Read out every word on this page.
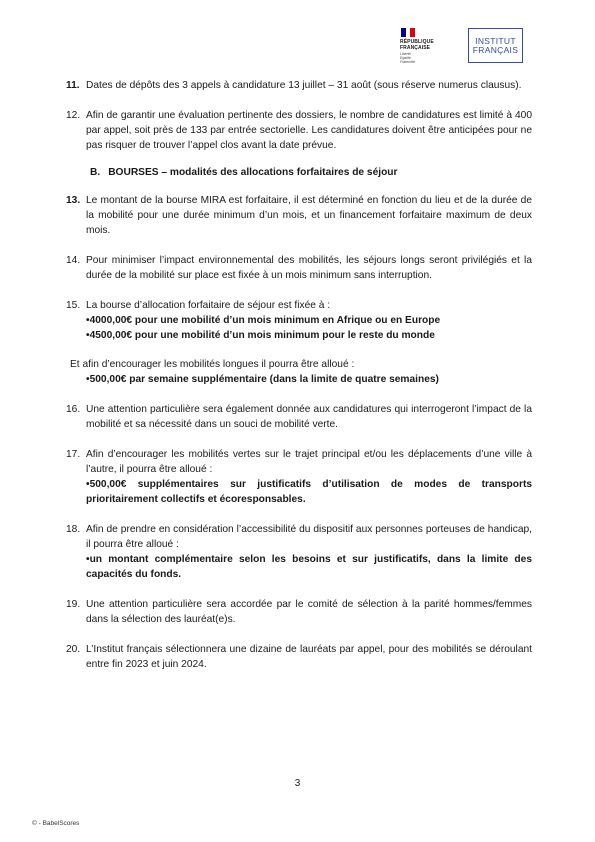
RÉPUBLIQUE
FRANÇAISE
Liberté
Égalité
Fraternité
INSTITUT
FRANÇAIS
11. Dates de dépôts des 3 appels à candidature 13 juillet – 31 août (sous réserve numerus clausus).
12. Afin de garantir une évaluation pertinente des dossiers, le nombre de candidatures est limité à 400 par appel, soit près de 133 par entrée sectorielle. Les candidatures doivent être anticipées pour ne pas risquer de trouver l’appel clos avant la date prévue.
B. BOURSES – modalités des allocations forfaitaires de séjour
13. Le montant de la bourse MIRA est forfaitaire, il est déterminé en fonction du lieu et de la durée de la mobilité pour une durée minimum d’un mois, et un financement forfaitaire maximum de deux mois.
14. Pour minimiser l’impact environnemental des mobilités, les séjours longs seront privilégiés et la durée de la mobilité sur place est fixée à un mois minimum sans interruption.
15. La bourse d’allocation forfaitaire de séjour est fixée à :
• 4000,00€ pour une mobilité d’un mois minimum en Afrique ou en Europe
• 4500,00€ pour une mobilité d’un mois minimum pour le reste du monde
Et afin d’encourager les mobilités longues il pourra être alloué :
• 500,00€ par semaine supplémentaire (dans la limite de quatre semaines)
16. Une attention particulière sera également donnée aux candidatures qui interrogeront l’impact de la mobilité et sa nécessité dans un souci de mobilité verte.
17. Afin d’encourager les mobilités vertes sur le trajet principal et/ou les déplacements d’une ville à l’autre, il pourra être alloué :
• 500,00€ supplémentaires sur justificatifs d’utilisation de modes de transports prioritairement collectifs et écoresponsables.
18. Afin de prendre en considération l’accessibilité du dispositif aux personnes porteuses de handicap, il pourra être alloué :
• un montant complémentaire selon les besoins et sur justificatifs, dans la limite des capacités du fonds.
19. Une attention particulière sera accordée par le comité de sélection à la parité hommes/femmes dans la sélection des lauréat(e)s.
20. L’Institut français sélectionnera une dizaine de lauréats par appel, pour des mobilités se déroulant entre fin 2023 et juin 2024.
3
© - BabelScores
